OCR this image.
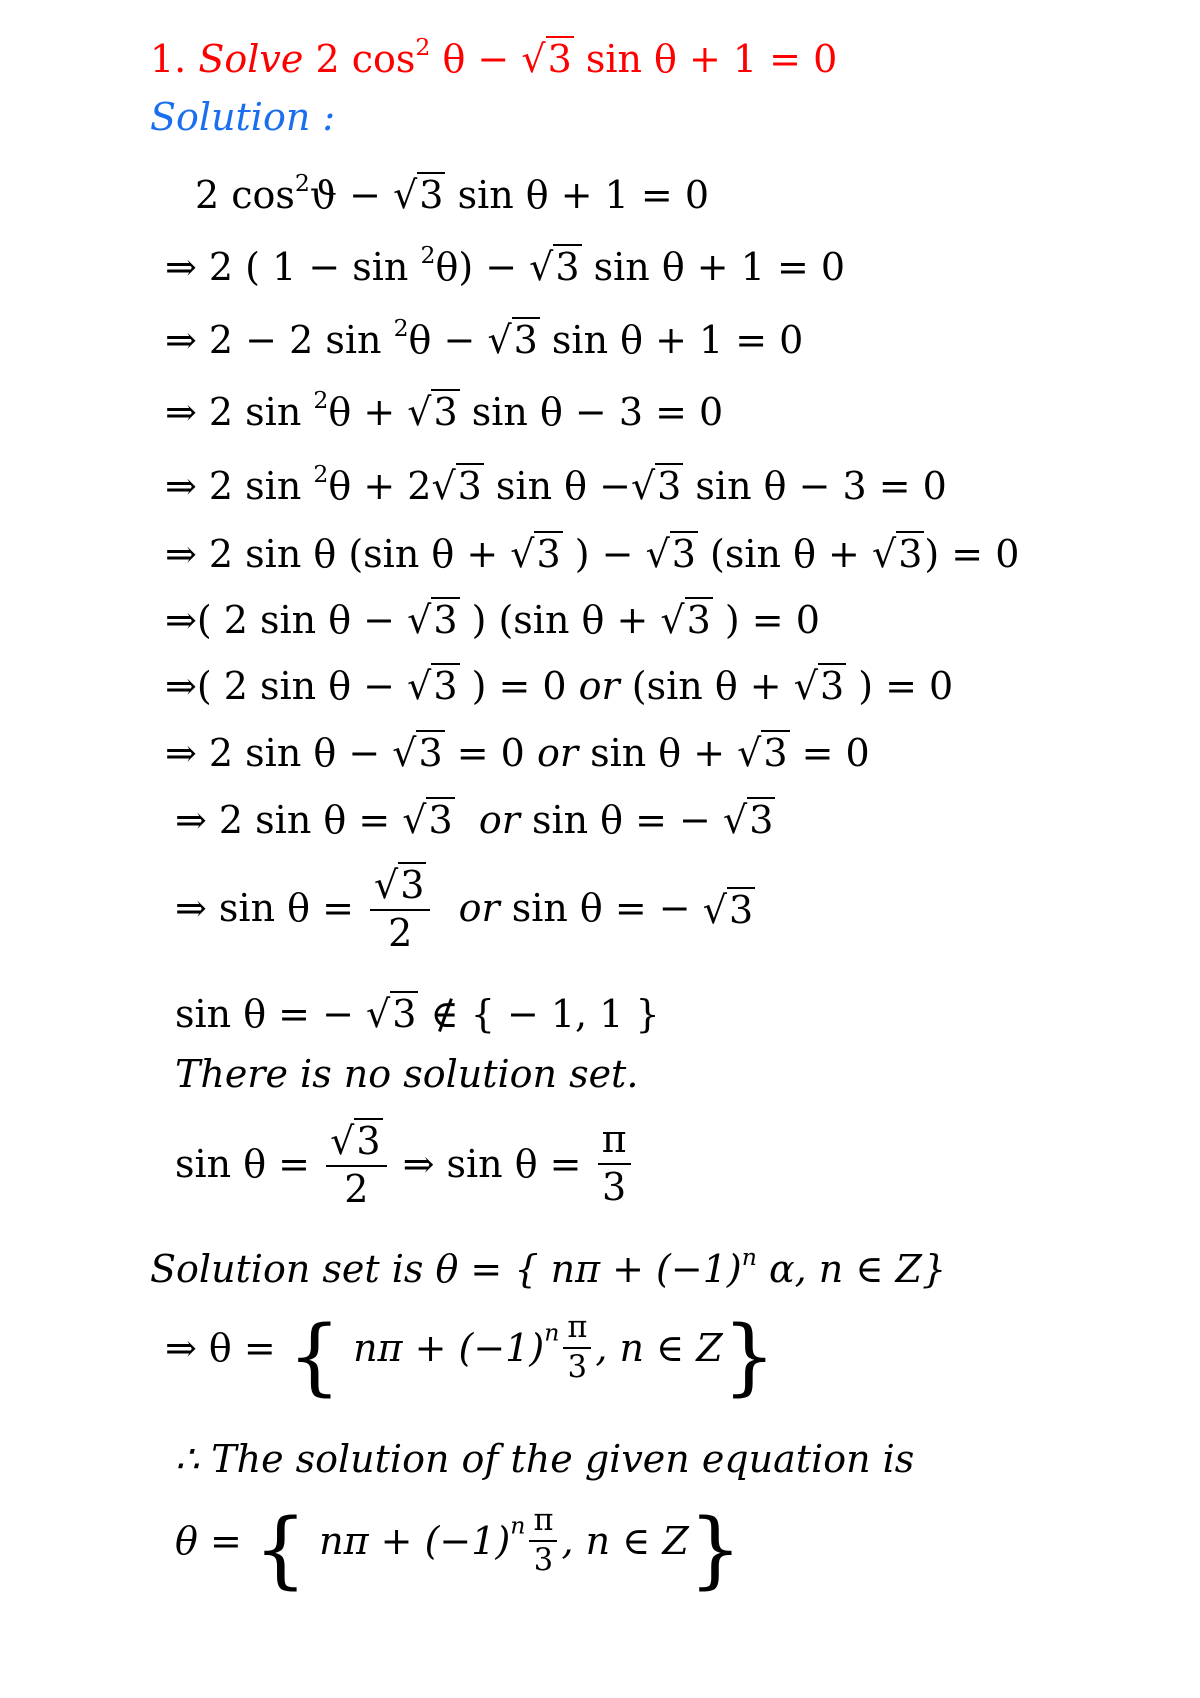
1. Solve 2 $\cos^2 \theta - √3$ sin θ + 1 = 0
Solution :
2 $\cos^2ϑ - √3$ sin θ + 1 = 0
⇒ 2 ( 1 − sin $^2$θ) − √3 sin θ + 1 = 0
⇒ 2 − 2 sin $^2$θ − √3 sin θ + 1 = 0
⇒ 2 sin $^2$θ + √3 sin θ − 3 = 0
⇒ 2 sin $^2$θ + 2√3 sin θ −√3 sin θ − 3 = 0
⇒ 2 sin θ (sin θ + √3 ) − √3 (sin θ + √3) = 0
⇒( 2 sin θ − √3 ) (sin θ + √3 ) = 0
⇒( 2 sin θ − √3 ) = 0 or (sin θ + √3 ) = 0
⇒ 2 sin θ − √3 = 0 or sin θ + √3 = 0
⇒ 2 sin θ = √3 or sin θ = − √3
⇒ $\sin \theta = \frac{√3}{2}$ or sin θ = − √3
sin θ = − √3 ∉ { − 1, 1 }
There is no solution set.
$\sin \theta = \frac{√3}{2}$ ⇒ $\sin \theta = \frac{\pi}{3}$
Solution set is θ = { $n\pi + (-1)^n$ α, n ∈ Z}
⇒ θ = { $n\pi + (-1)^n \frac{\pi}{3}$ , n ∈ Z}
∴ The solution of the given equation is
θ = { $n\pi + (-1)^n \frac{\pi}{3}$ , n ∈ Z}
